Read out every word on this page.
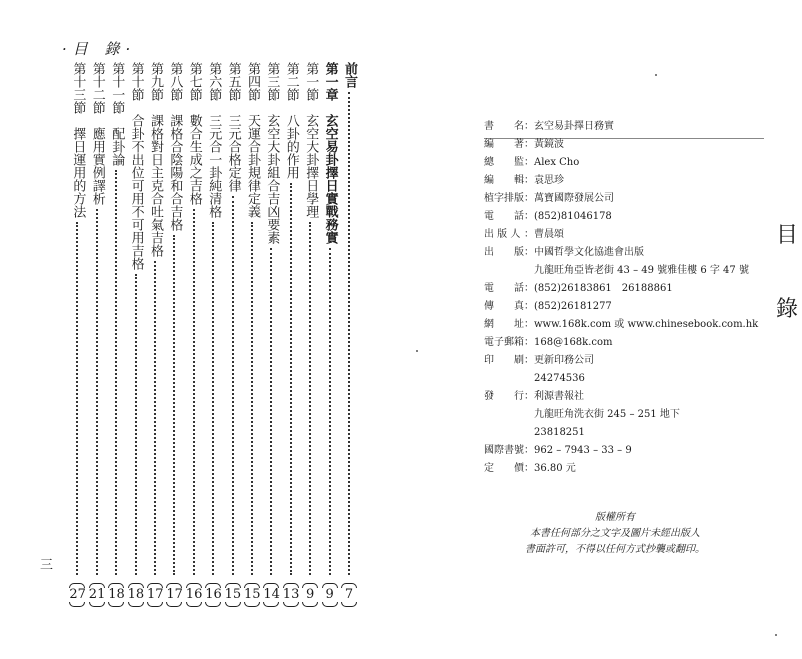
·目 錄·
前言
7
第一章　玄空易卦擇日實戰務實
9
第一節　玄空大卦擇日學理
9
第二節　八卦的作用
13
第三節　玄空大卦組合吉凶要素
14
第四節　天運合卦規律定義
15
第五節　三元合格定律
15
第六節　三元合一卦純清格
16
第七節　數合生成之吉格
16
第八節　課格合陰陽和合吉格
17
第九節　課格對日主克合吐氣吉格
17
第十節　合卦不出位可用不可用吉格
18
第十一節　配卦論
18
第十二節　應用實例譯析
21
第十三節　擇日運用的方法
27
三
目
錄
書　　名 ：玄空易卦擇日務實
編　　著 ：黃鏡波
總　　監 ：Alex Cho
編　　輯 ：袁思珍
植字排版 ：萬寶國際發展公司
電　　話 ：(852)81046178
出 版 人 ：曹晨頌
出　　版 ：中國哲學文化協進會出版
　九龍旺角亞皆老街 43 – 49 號雅佳樓 6 字 47 號
電　　話 ：(852)26183861　26188861
傳　　真 ：(852)26181277
網　　址 ：www.168k.com 或 www.chinesebook.com.hk
電子郵箱 ：168@168k.com
印　　刷 ：更新印務公司
　24274536
發　　行 ：利源書報社
　九龍旺角洗衣街 245 – 251 地下
　23818251
國際書號 ：962 – 7943 – 33 – 9
定　　價 ：36.80 元
版權所有
本書任何部分之文字及圖片未經出版人
書面許可，不得以任何方式抄襲或翻印。
